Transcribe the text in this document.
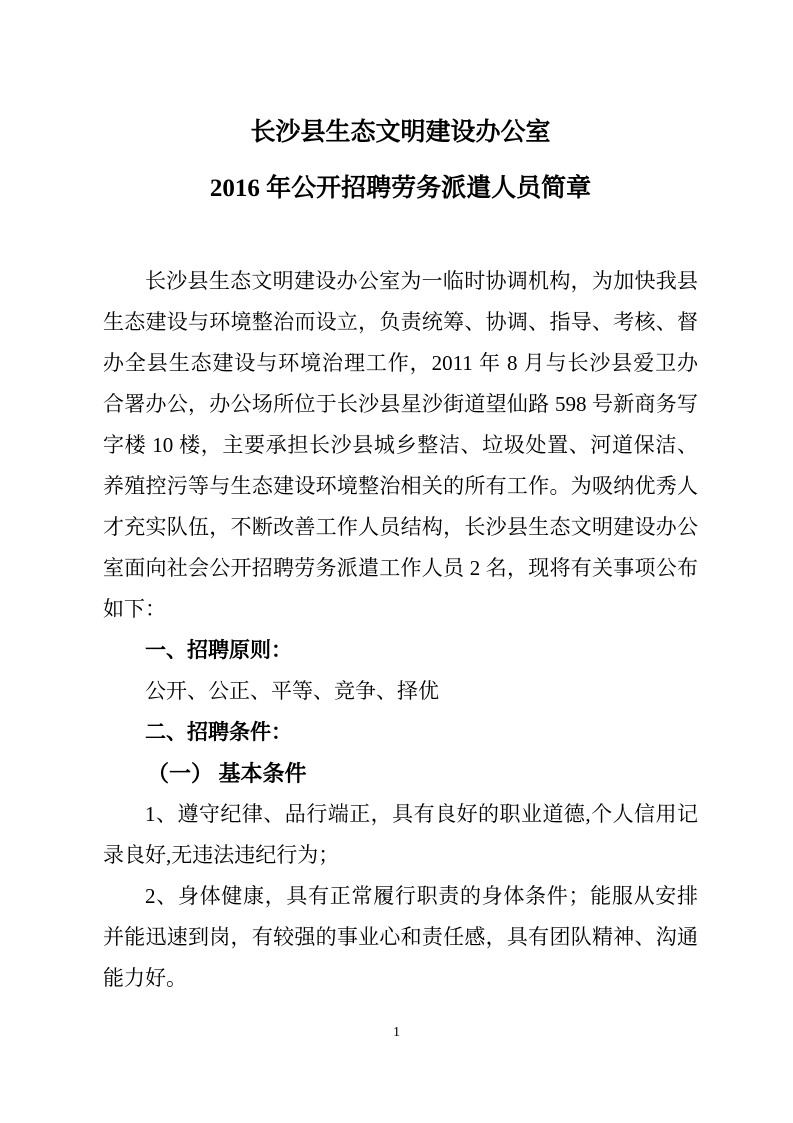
长沙县生态文明建设办公室
2016 年公开招聘劳务派遣人员简章
长沙县生态文明建设办公室为一临时协调机构，为加快我县
生态建设与环境整治而设立，负责统筹、协调、指导、考核、督
办全县生态建设与环境治理工作，2011 年 8 月与长沙县爱卫办
合署办公，办公场所位于长沙县星沙街道望仙路 598 号新商务写
字楼 10 楼，主要承担长沙县城乡整洁、垃圾处置、河道保洁、
养殖控污等与生态建设环境整治相关的所有工作。为吸纳优秀人
才充实队伍，不断改善工作人员结构，长沙县生态文明建设办公
室面向社会公开招聘劳务派遣工作人员 2 名，现将有关事项公布
如下：
一、招聘原则：
公开、公正、平等、竞争、择优
二、招聘条件：
（一） 基本条件
1、遵守纪律、品行端正，具有良好的职业道德,个人信用记
录良好,无违法违纪行为；
2、身体健康，具有正常履行职责的身体条件；能服从安排
并能迅速到岗，有较强的事业心和责任感，具有团队精神、沟通
能力好。
1
